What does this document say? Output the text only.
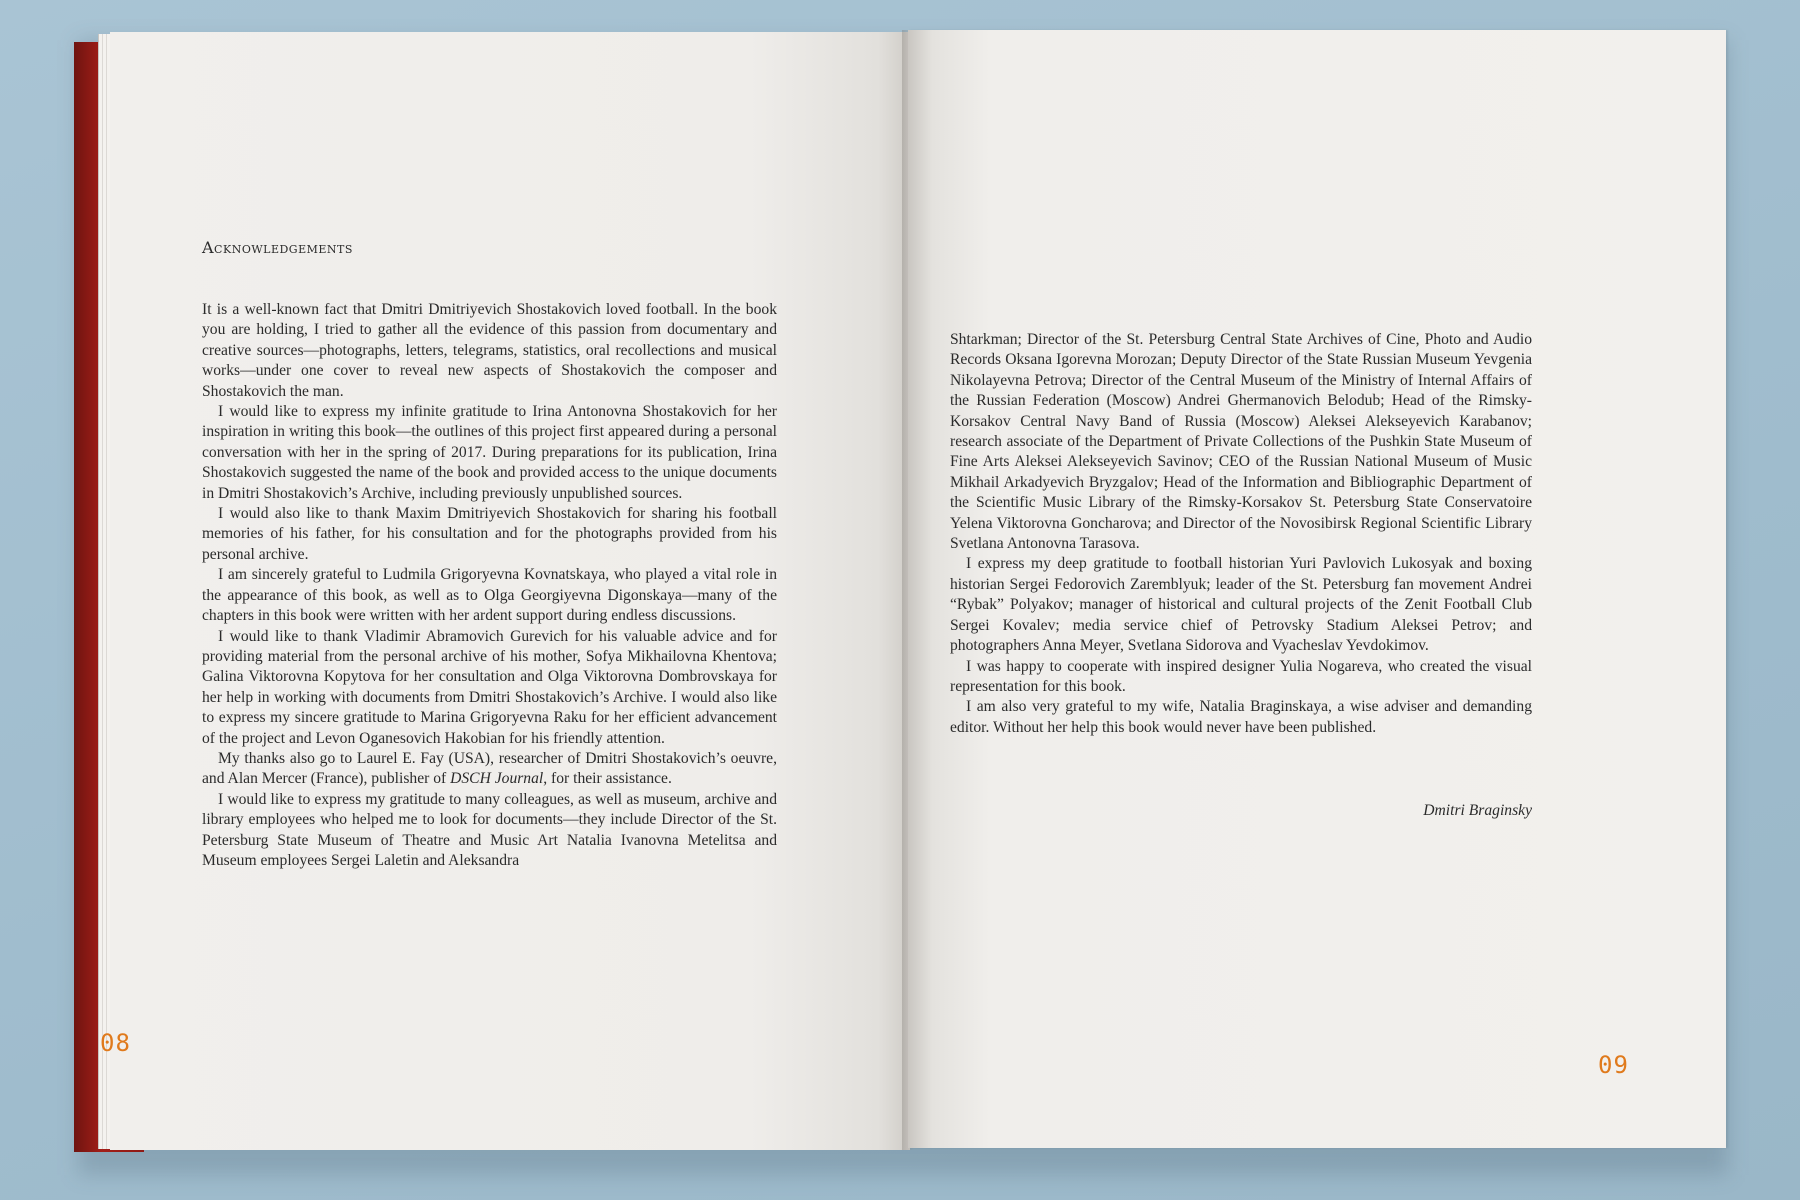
Acknowledgements

It is a well-known fact that Dmitri Dmitriyevich Shostakovich loved football. In the book you are holding, I tried to gather all the evidence of this passion from documentary and creative sources—photographs, letters, telegrams, statistics, oral recollections and musical works—under one cover to reveal new aspects of Shostakovich the composer and Shostakovich the man.

I would like to express my infinite gratitude to Irina Antonovna Shostakovich for her inspiration in writing this book—the outlines of this project first appeared during a personal conversation with her in the spring of 2017. During preparations for its publication, Irina Shostakovich suggested the name of the book and provided access to the unique documents in Dmitri Shostakovich’s Archive, including previously unpublished sources.

I would also like to thank Maxim Dmitriyevich Shostakovich for sharing his football memories of his father, for his consultation and for the photographs provided from his personal archive.

I am sincerely grateful to Ludmila Grigoryevna Kovnatskaya, who played a vital role in the appearance of this book, as well as to Olga Georgiyevna Digonskaya—many of the chapters in this book were written with her ardent support during endless discussions.

I would like to thank Vladimir Abramovich Gurevich for his valuable advice and for providing material from the personal archive of his mother, Sofya Mikhailovna Khentova; Galina Viktorovna Kopytova for her consultation and Olga Viktorovna Dombrovskaya for her help in working with documents from Dmitri Shostakovich’s Archive. I would also like to express my sincere gratitude to Marina Grigoryevna Raku for her efficient advancement of the project and Levon Oganesovich Hakobian for his friendly attention.

My thanks also go to Laurel E. Fay (USA), researcher of Dmitri Shostakovich’s oeuvre, and Alan Mercer (France), publisher of DSCH Journal, for their assistance.

I would like to express my gratitude to many colleagues, as well as museum, archive and library employees who helped me to look for documents—they include Director of the St. Petersburg State Museum of Theatre and Music Art Natalia Ivanovna Metelitsa and Museum employees Sergei Laletin and Aleksandra

08

Shtarkman; Director of the St. Petersburg Central State Archives of Cine, Photo and Audio Records Oksana Igorevna Morozan; Deputy Director of the State Russian Museum Yevgenia Nikolayevna Petrova; Director of the Central Museum of the Ministry of Internal Affairs of the Russian Federation (Moscow) Andrei Ghermanovich Belodub; Head of the Rimsky-Korsakov Central Navy Band of Russia (Moscow) Aleksei Alekseyevich Karabanov; research associate of the Department of Private Collections of the Pushkin State Museum of Fine Arts Aleksei Alekseyevich Savinov; CEO of the Russian National Museum of Music Mikhail Arkadyevich Bryzgalov; Head of the Information and Bibliographic Department of the Scientific Music Library of the Rimsky-Korsakov St. Petersburg State Conservatoire Yelena Viktorovna Goncharova; and Director of the Novosibirsk Regional Scientific Library Svetlana Antonovna Tarasova.

I express my deep gratitude to football historian Yuri Pavlovich Lukosyak and boxing historian Sergei Fedorovich Zaremblyuk; leader of the St. Petersburg fan movement Andrei “Rybak” Polyakov; manager of historical and cultural projects of the Zenit Football Club Sergei Kovalev; media service chief of Petrovsky Stadium Aleksei Petrov; and photographers Anna Meyer, Svetlana Sidorova and Vyacheslav Yevdokimov.

I was happy to cooperate with inspired designer Yulia Nogareva, who created the visual representation for this book.

I am also very grateful to my wife, Natalia Braginskaya, a wise adviser and demanding editor. Without her help this book would never have been published.

Dmitri Braginsky
09
